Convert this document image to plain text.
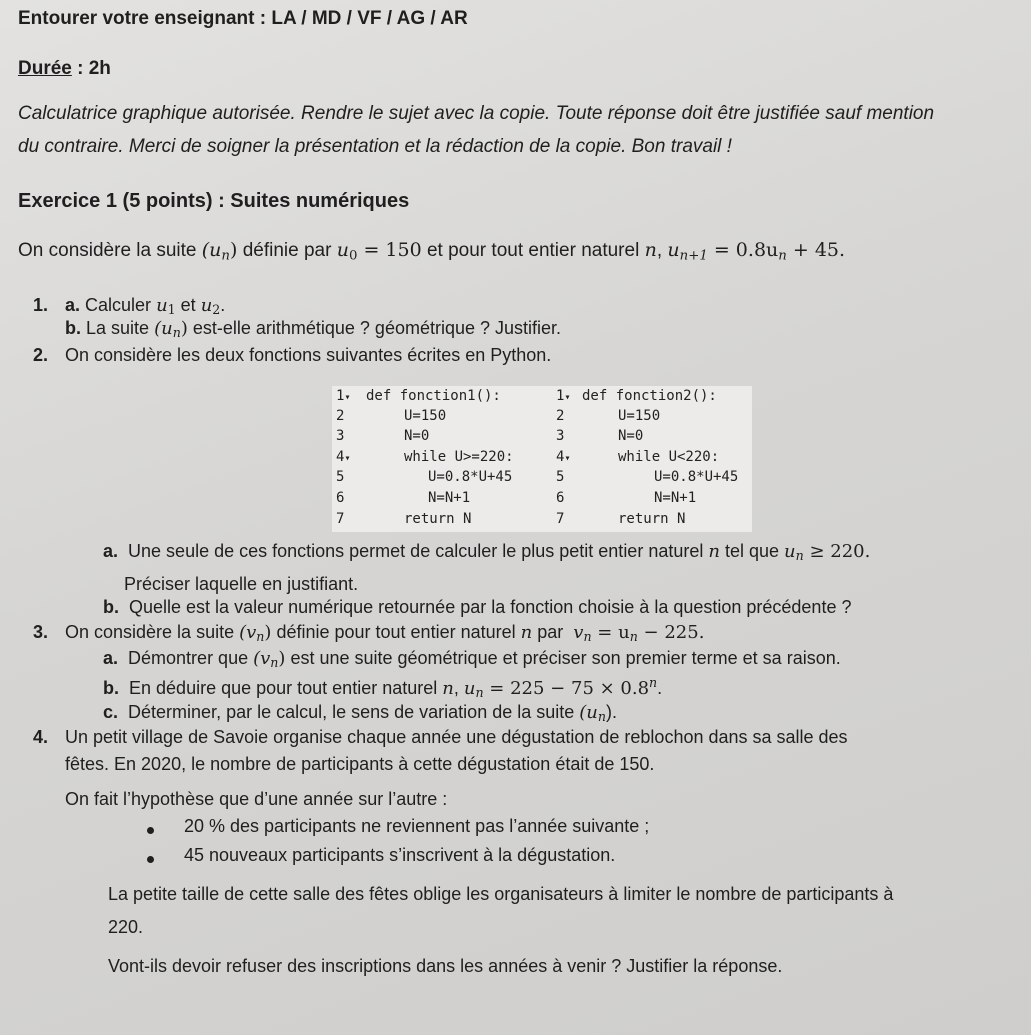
Entourer votre enseignant : LA / MD / VF / AG / AR
Durée : 2h
Calculatrice graphique autorisée. Rendre le sujet avec la copie. Toute réponse doit être justifiée sauf mention
du contraire. Merci de soigner la présentation et la rédaction de la copie. Bon travail !
Exercice 1 (5 points) : Suites numériques
On considère la suite $(u_n)$ définie par $u_0 = 150$ et pour tout entier naturel n, $u_{n+1} = 0.8u_n + 45$.
1. a. Calculer $u_1$ et $u_2$.
b. La suite $(u_n)$ est-elle arithmétique ? géométrique ? Justifier.
2. On considère les deux fonctions suivantes écrites en Python.
1▾
2
3
4▾
5
6
7
def fonction1():
U=150
N=0
while U>=220:
U=0.8*U+45
N=N+1
return N
1▾
2
3
4▾
5
6
7
def fonction2():
U=150
N=0
while U<220:
U=0.8*U+45
N=N+1
return N
a. Une seule de ces fonctions permet de calculer le plus petit entier naturel n tel que $u_n \ge 220$.
Préciser laquelle en justifiant.
b. Quelle est la valeur numérique retournée par la fonction choisie à la question précédente ?
3. On considère la suite $(v_n)$ définie pour tout entier naturel n par  $v_n = u_n - 225$.
a. Démontrer que $(v_n)$ est une suite géométrique et préciser son premier terme et sa raison.
b. En déduire que pour tout entier naturel n, $u_n = 225 - 75 \times 0.8^n$.
c. Déterminer, par le calcul, le sens de variation de la suite $(u_n)$.
4. Un petit village de Savoie organise chaque année une dégustation de reblochon dans sa salle des
fêtes. En 2020, le nombre de participants à cette dégustation était de 150.
On fait l’hypothèse que d’une année sur l’autre :
20 % des participants ne reviennent pas l’année suivante ;
45 nouveaux participants s’inscrivent à la dégustation.
La petite taille de cette salle des fêtes oblige les organisateurs à limiter le nombre de participants à
220.
Vont-ils devoir refuser des inscriptions dans les années à venir ? Justifier la réponse.
